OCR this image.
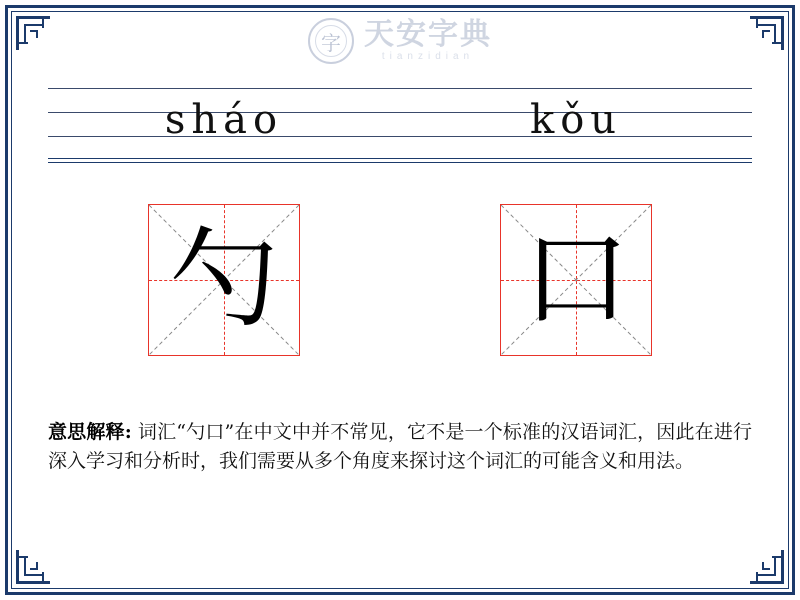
字 天安字典
tianzidian
sháo	kǒu
勺 口
意思解释: 词汇“勺口”在中文中并不常见，它不是一个标准的汉语词汇，因此在进行深入学习和分析时，我们需要从多个角度来探讨这个词汇的可能含义和用法。
